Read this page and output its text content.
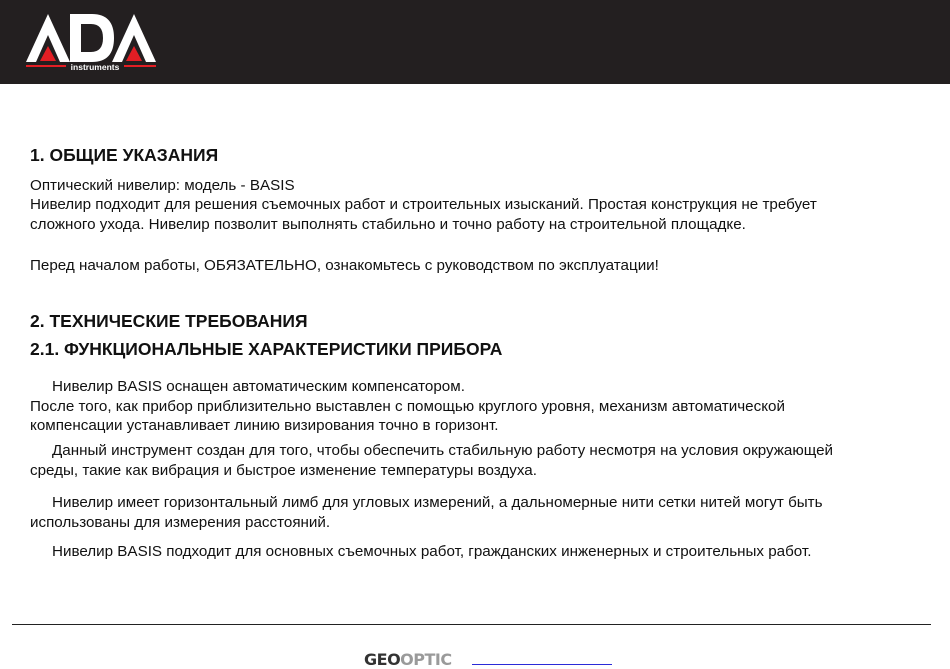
instruments
1. ОБЩИЕ УКАЗАНИЯ

Оптический нивелир: модель - BASIS

Нивелир подходит для решения съемочных работ и строительных изысканий. Простая конструкция не требует

сложного ухода. Нивелир позволит выполнять стабильно и точно работу на строительной площадке.

Перед началом работы, ОБЯЗАТЕЛЬНО, ознакомьтесь с руководством по эксплуатации!

2. ТЕХНИЧЕСКИЕ ТРЕБОВАНИЯ
2.1. ФУНКЦИОНАЛЬНЫЕ ХАРАКТЕРИСТИКИ ПРИБОРА

Нивелир BASIS оснащен автоматическим компенсатором.

После того, как прибор приблизительно выставлен с помощью круглого уровня, механизм автоматической

компенсации устанавливает линию визирования точно в горизонт.

Данный инструмент создан для того, чтобы обеспечить стабильную работу несмотря на условия окружающей

среды, такие как вибрация и быстрое изменение температуры воздуха.

Нивелир имеет горизонтальный лимб для угловых измерений, а дальномерные нити сетки нитей могут быть

использованы для измерения расстояний.

Нивелир BASIS подходит для основных съемочных работ, гражданских инженерных и строительных работ.

GEOOPTIC
